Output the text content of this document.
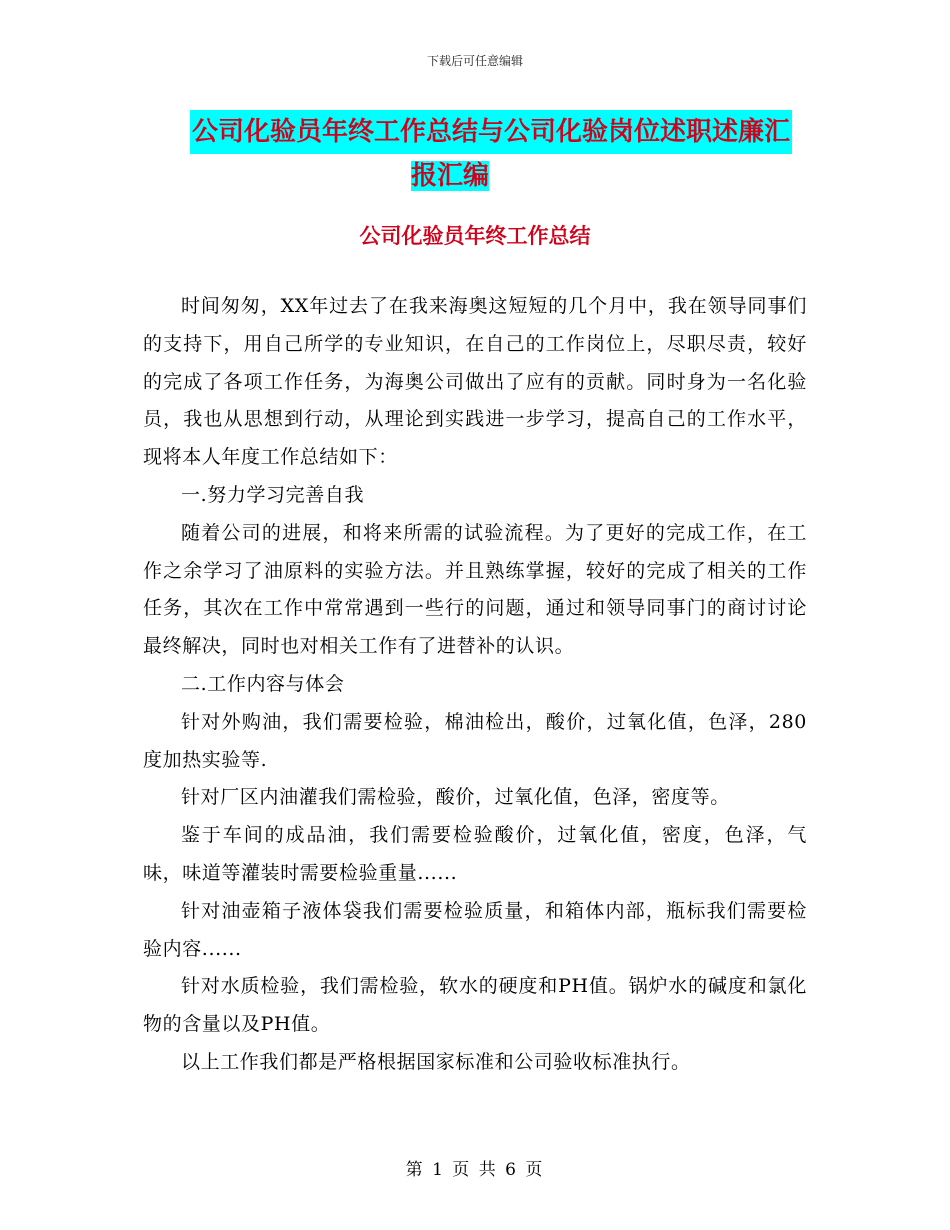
下载后可任意编辑
公司化验员年终工作总结与公司化验岗位述职述廉汇
报汇编
公司化验员年终工作总结

时间匆匆，XX年过去了在我来海奥这短短的几个月中，我在领导同事们的支持下，用自己所学的专业知识，在自己的工作岗位上，尽职尽责，较好的完成了各项工作任务，为海奥公司做出了应有的贡献。同时身为一名化验员，我也从思想到行动，从理论到实践进一步学习，提高自己的工作水平，现将本人年度工作总结如下：

一.努力学习完善自我

随着公司的进展，和将来所需的试验流程。为了更好的完成工作，在工作之余学习了油原料的实验方法。并且熟练掌握，较好的完成了相关的工作任务，其次在工作中常常遇到一些行的问题，通过和领导同事门的商讨讨论最终解决，同时也对相关工作有了进替补的认识。

二.工作内容与体会

针对外购油，我们需要检验，棉油检出，酸价，过氧化值，色泽，280度加热实验等.

针对厂区内油灌我们需检验，酸价，过氧化值，色泽，密度等。

鉴于车间的成品油，我们需要检验酸价，过氧化值，密度，色泽，气味，味道等灌装时需要检验重量......

针对油壶箱子液体袋我们需要检验质量，和箱体内部，瓶标我们需要检验内容......

针对水质检验，我们需检验，软水的硬度和PH值。锅炉水的碱度和氯化物的含量以及PH值。

以上工作我们都是严格根据国家标准和公司验收标准执行。

第 1 页 共 6 页
